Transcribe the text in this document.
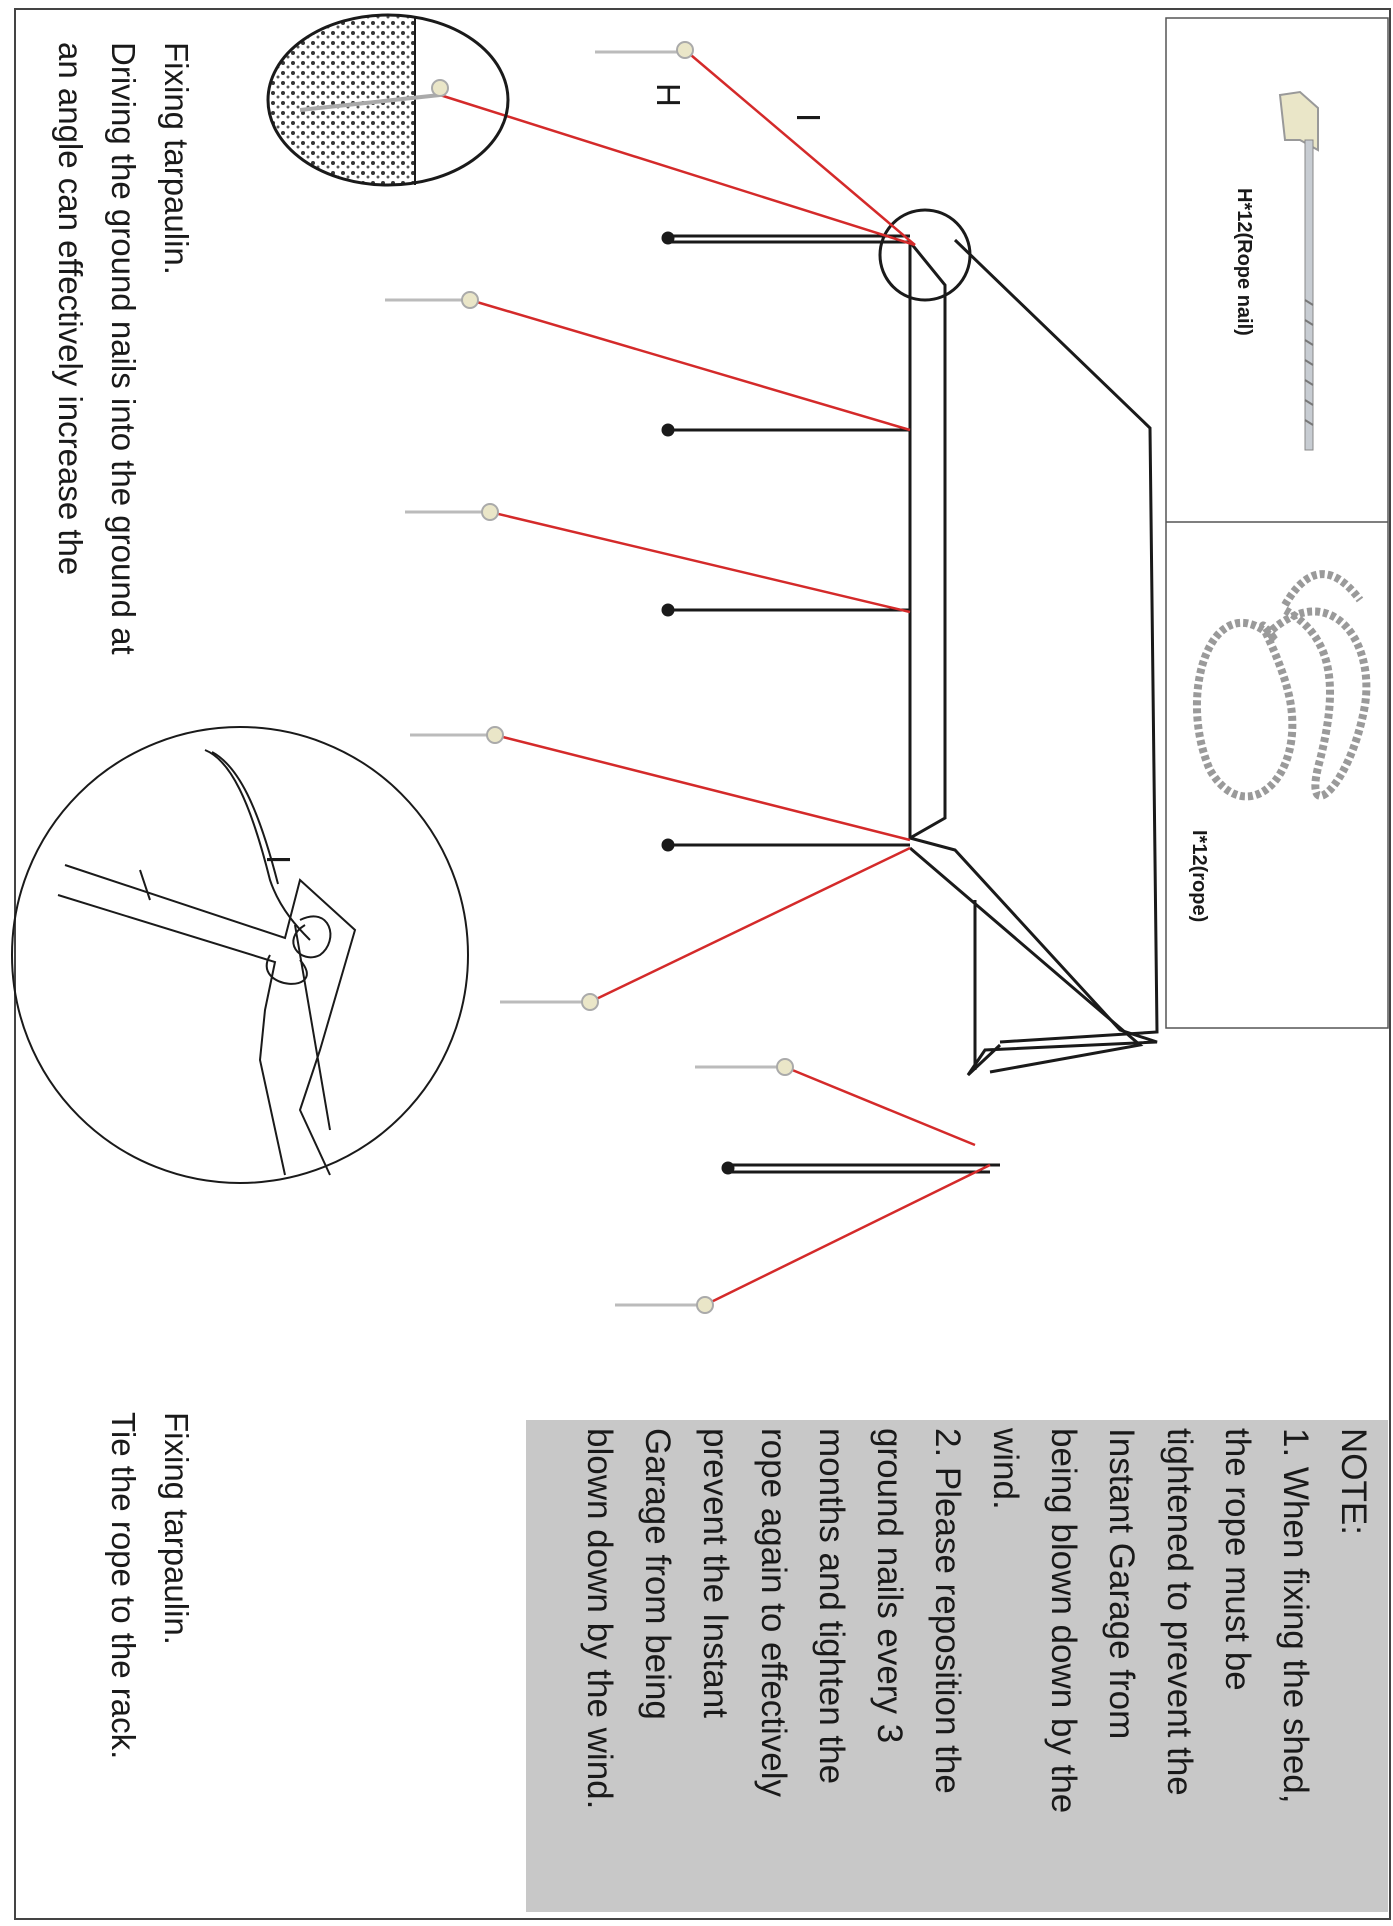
H*12(Rope nail)
I*12(rope)
H
I
I
Fixing tarpaulin.
Driving the ground nails into the ground at
an angle can effectively increase the
Fixing tarpaulin.
Tie the rope to the rack.	NOTE:
1. When fixing the shed,
the rope must be
tightened to prevent the
Instant Garage from
being blown down by the
wind.
2. Please reposition the
ground nails every 3
months and tighten the
rope again to effectively
prevent the Instant
Garage from being
blown down by the wind.
